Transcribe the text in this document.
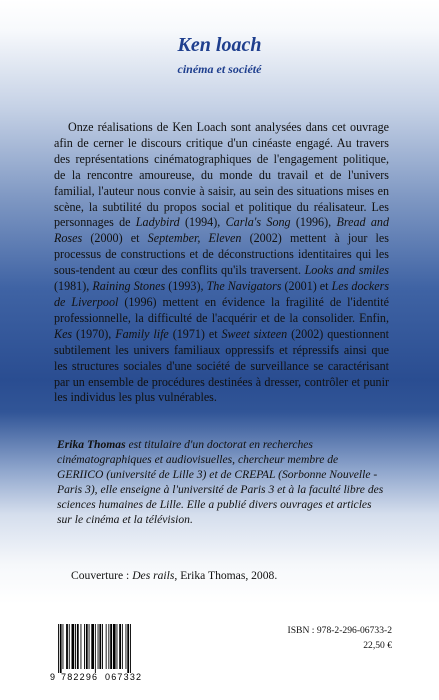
Ken loach
cinéma et société

Onze réalisations de Ken Loach sont analysées dans cet ouvrage afin de cerner le discours critique d'un cinéaste engagé. Au travers des représentations cinématographiques de l'engagement politique, de la rencontre amoureuse, du monde du travail et de l'univers familial, l'auteur nous convie à saisir, au sein des situations mises en scène, la subtilité du propos social et politique du réalisateur. Les personnages de Ladybird (1994), Carla's Song (1996), Bread and Roses (2000) et September, Eleven (2002) mettent à jour les processus de constructions et de déconstructions identitaires qui les sous-tendent au cœur des conflits qu'ils traversent. Looks and smiles (1981), Raining Stones (1993), The Navigators (2001) et Les dockers de Liverpool (1996) mettent en évidence la fragilité de l'identité professionnelle, la difficulté de l'acquérir et de la consolider. Enfin, Kes (1970), Family life (1971) et Sweet sixteen (2002) questionnent subtilement les univers familiaux oppressifs et répressifs ainsi que les structures sociales d'une société de surveillance se caractérisant par un ensemble de procédures destinées à dresser, contrôler et punir les individus les plus vulnérables.

Erika Thomas est titulaire d'un doctorat en recherches cinématographiques et audiovisuelles, chercheur membre de GERIICO (université de Lille 3) et de CREPAL (Sorbonne Nouvelle - Paris 3), elle enseigne à l'université de Paris 3 et à la faculté libre des sciences humaines de Lille. Elle a publié divers ouvrages et articles sur le cinéma et la télévision.
Couverture : Des rails, Erika Thomas, 2008.
9 782296 067332
ISBN : 978-2-296-06733-2
22,50 €
